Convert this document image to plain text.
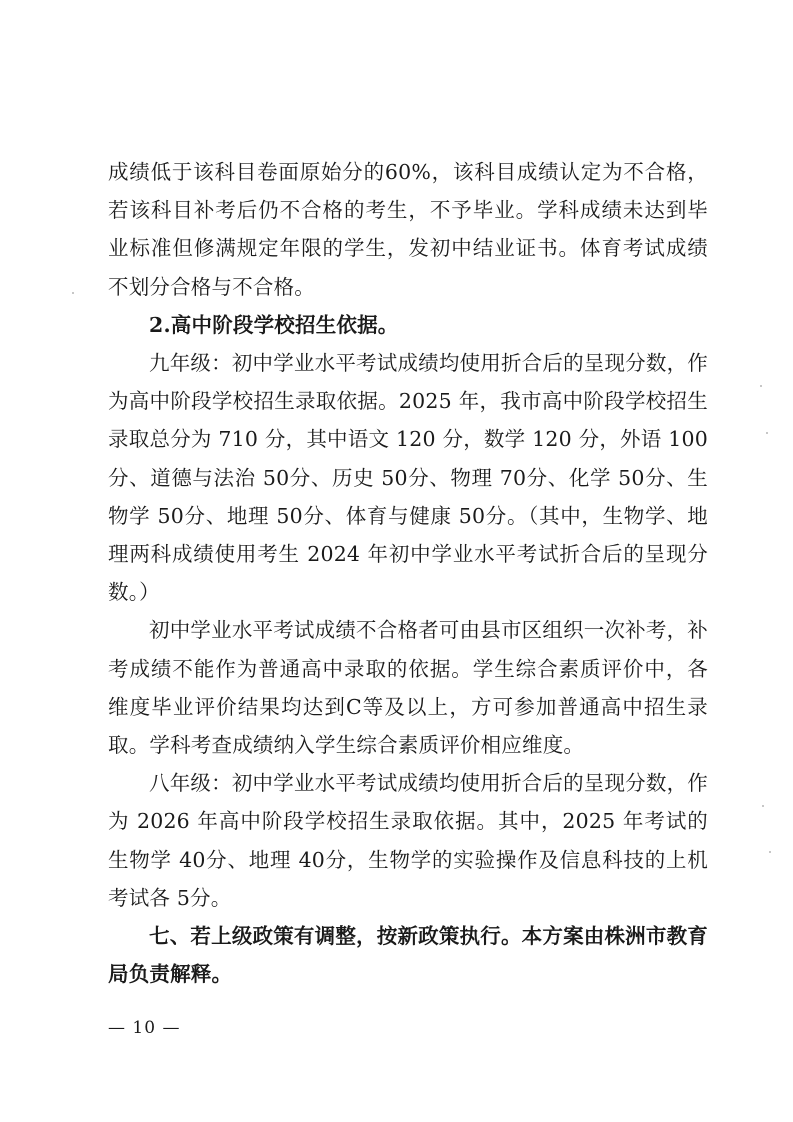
成绩低于该科目卷面原始分的60%，该科目成绩认定为不合格，若该科目补考后仍不合格的考生，不予毕业。学科成绩未达到毕业标准但修满规定年限的学生，发初中结业证书。体育考试成绩不划分合格与不合格。

2.高中阶段学校招生依据。

九年级：初中学业水平考试成绩均使用折合后的呈现分数，作为高中阶段学校招生录取依据。2025 年，我市高中阶段学校招生录取总分为 710 分，其中语文 120 分，数学 120 分，外语 100分、道德与法治 50分、历史 50分、物理 70分、化学 50分、生物学 50分、地理 50分、体育与健康 50分。（其中，生物学、地理两科成绩使用考生 2024 年初中学业水平考试折合后的呈现分数。）

初中学业水平考试成绩不合格者可由县市区组织一次补考，补考成绩不能作为普通高中录取的依据。学生综合素质评价中，各维度毕业评价结果均达到C等及以上，方可参加普通高中招生录取。学科考查成绩纳入学生综合素质评价相应维度。

八年级：初中学业水平考试成绩均使用折合后的呈现分数，作为 2026 年高中阶段学校招生录取依据。其中，2025 年考试的生物学 40分、地理 40分，生物学的实验操作及信息科技的上机考试各 5分。

七、若上级政策有调整，按新政策执行。本方案由株洲市教育局负责解释。

— 10 —
